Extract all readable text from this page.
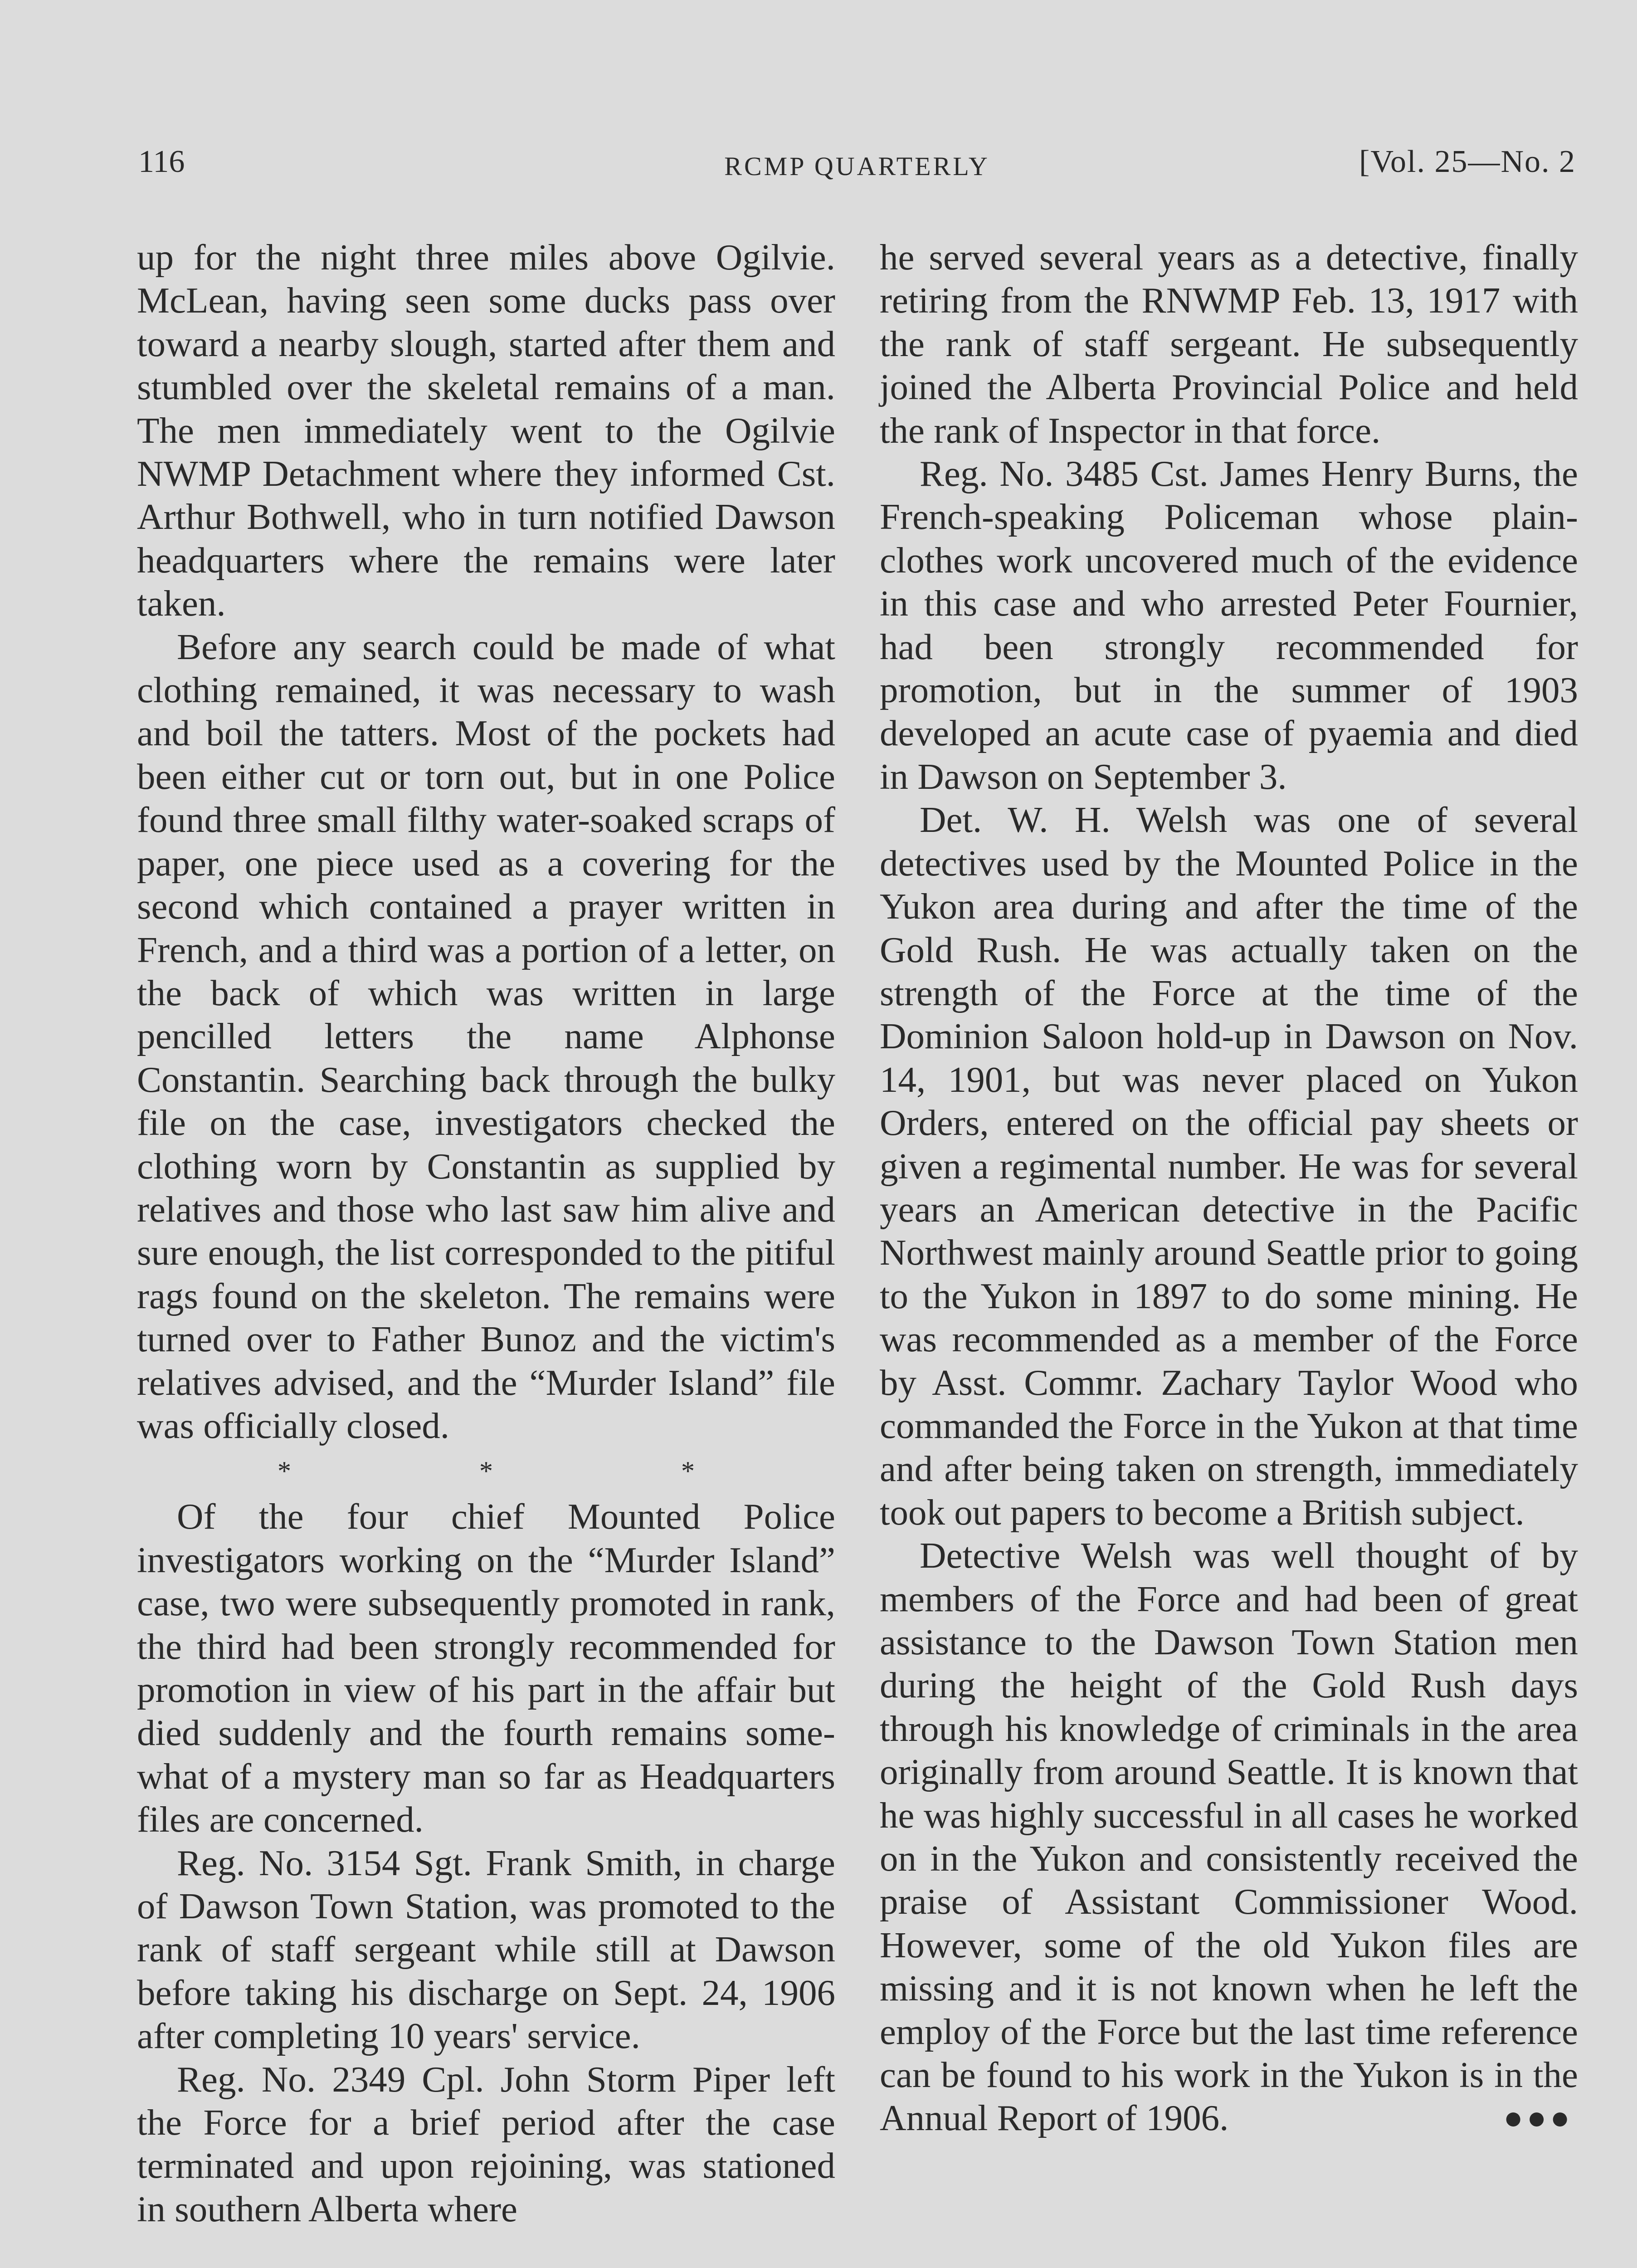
116	RCMP QUARTERLY	[Vol. 25—No. 2

up for the night three miles above Ogilvie. McLean, having seen some ducks pass over toward a nearby slough, started after them and stumbled over the skeletal remains of a man. The men immediately went to the Ogilvie NWMP Detachment where they informed Cst. Arthur Bothwell, who in turn notified Dawson headquarters where the remains were later taken.

Before any search could be made of what clothing remained, it was necessary to wash and boil the tatters. Most of the pockets had been either cut or torn out, but in one Police found three small filthy water-soaked scraps of paper, one piece used as a covering for the second which contained a prayer written in French, and a third was a portion of a letter, on the back of which was written in large pencilled letters the name Alphonse Constantin. Searching back through the bulky file on the case, investigators checked the clothing worn by Constantin as supplied by relatives and those who last saw him alive and sure enough, the list corresponded to the pitiful rags found on the skeleton. The remains were turned over to Father Bunoz and the victim's relatives advised, and the “Murder Island” file was officially closed.

* * *

Of the four chief Mounted Police investigators working on the “Murder Island” case, two were subsequently promoted in rank, the third had been strongly recommended for promotion in view of his part in the affair but died suddenly and the fourth remains somewhat of a mystery man so far as Headquarters files are concerned.

Reg. No. 3154 Sgt. Frank Smith, in charge of Dawson Town Station, was promoted to the rank of staff sergeant while still at Dawson before taking his discharge on Sept. 24, 1906 after completing 10 years' service.

Reg. No. 2349 Cpl. John Storm Piper left the Force for a brief period after the case terminated and upon rejoining, was stationed in southern Alberta where

he served several years as a detective, finally retiring from the RNWMP Feb. 13, 1917 with the rank of staff sergeant. He subsequently joined the Alberta Provincial Police and held the rank of Inspector in that force.

Reg. No. 3485 Cst. James Henry Burns, the French-speaking Policeman whose plain-clothes work uncovered much of the evidence in this case and who arrested Peter Fournier, had been strongly recommended for promotion, but in the summer of 1903 developed an acute case of pyaemia and died in Dawson on September 3.

Det. W. H. Welsh was one of several detectives used by the Mounted Police in the Yukon area during and after the time of the Gold Rush. He was actually taken on the strength of the Force at the time of the Dominion Saloon hold-up in Dawson on Nov. 14, 1901, but was never placed on Yukon Orders, entered on the official pay sheets or given a regimental number. He was for several years an American detective in the Pacific Northwest mainly around Seattle prior to going to the Yukon in 1897 to do some mining. He was recommended as a member of the Force by Asst. Commr. Zachary Taylor Wood who commanded the Force in the Yukon at that time and after being taken on strength, immediately took out papers to become a British subject.

Detective Welsh was well thought of by members of the Force and had been of great assistance to the Dawson Town Station men during the height of the Gold Rush days through his knowledge of criminals in the area originally from around Seattle. It is known that he was highly successful in all cases he worked on in the Yukon and consistently received the praise of Assistant Commissioner Wood. However, some of the old Yukon files are missing and it is not known when he left the employ of the Force but the last time reference can be found to his work in the Yukon is in the Annual Report of 1906.	●●●
